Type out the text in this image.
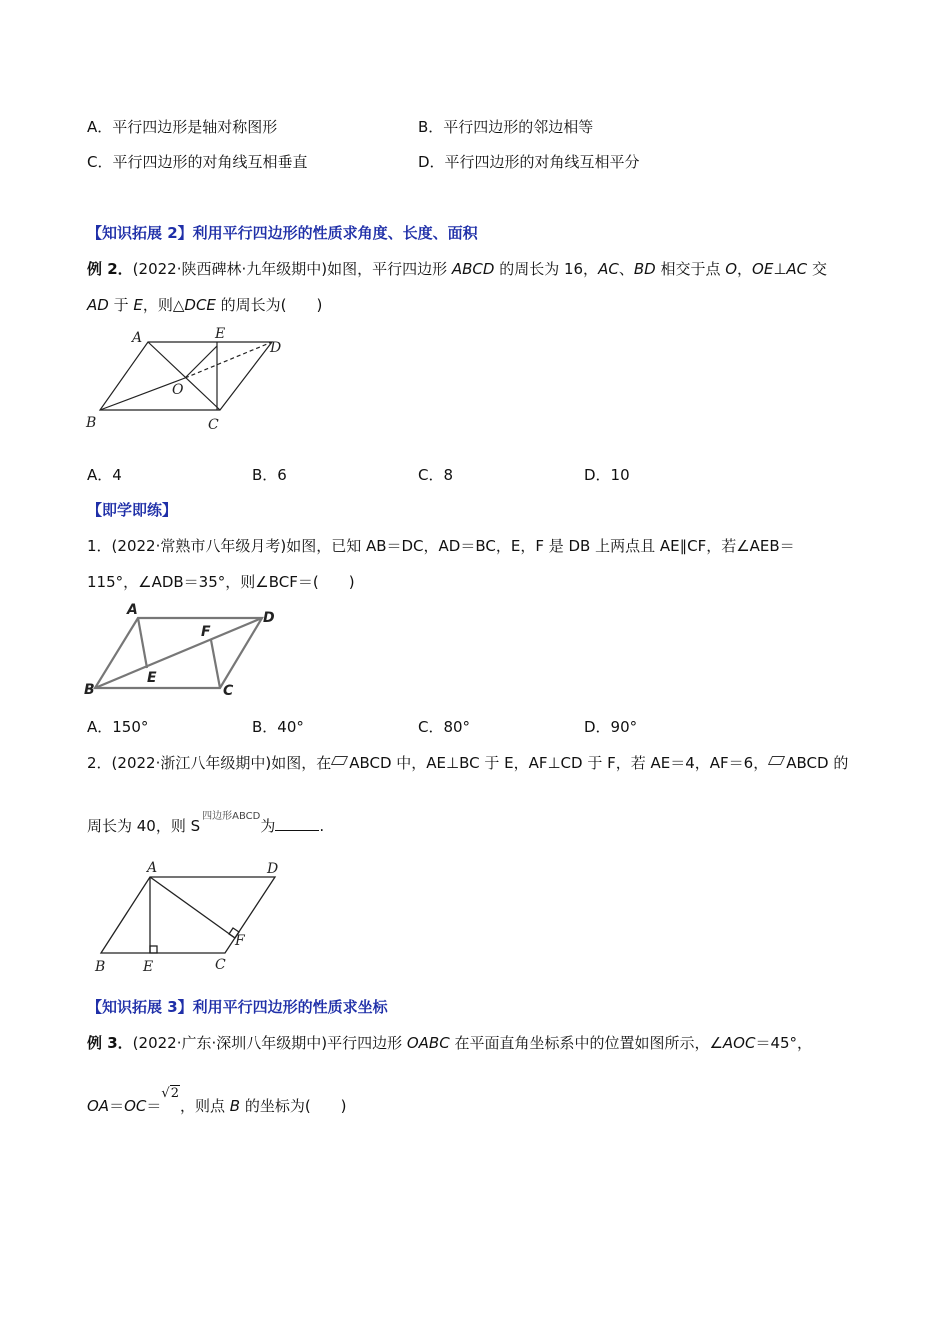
A．平行四边形是轴对称图形	B．平行四边形的邻边相等
C．平行四边形的对角线互相垂直	D．平行四边形的对角线互相平分
【知识拓展 2】利用平行四边形的性质求角度、长度、面积
例 2．(2022·陕西碑林·九年级期中)如图，平行四边形 ABCD 的周长为 16，AC、BD 相交于点 O，OE⊥AC 交
AD 于 E，则△DCE 的周长为(　　)
A	E
D
O
B	C
A．4	B．6	C．8	D．10
【即学即练】
1．(2022·常熟市八年级月考)如图，已知 AB＝DC，AD＝BC，E，F 是 DB 上两点且 AE∥CF，若∠AEB＝
115°，∠ADB＝35°，则∠BCF＝(　　)
A	D
F
E
B	C
A．150°	B．40°	C．80°	D．90°
2．(2022·浙江八年级期中)如图，在 ABCD 中，AE⊥BC 于 E，AF⊥CD 于 F，若 AE＝4，AF＝6， ABCD 的
周长为 40，则 $S^{四边形ABCD}$为	.
A	D
F
B	E	C
【知识拓展 3】利用平行四边形的性质求坐标
例 3．(2022·广东·深圳八年级期中)平行四边形 OABC 在平面直角坐标系中的位置如图所示，∠AOC＝45°，
OA＝OC＝√2，则点 B 的坐标为(　　)
